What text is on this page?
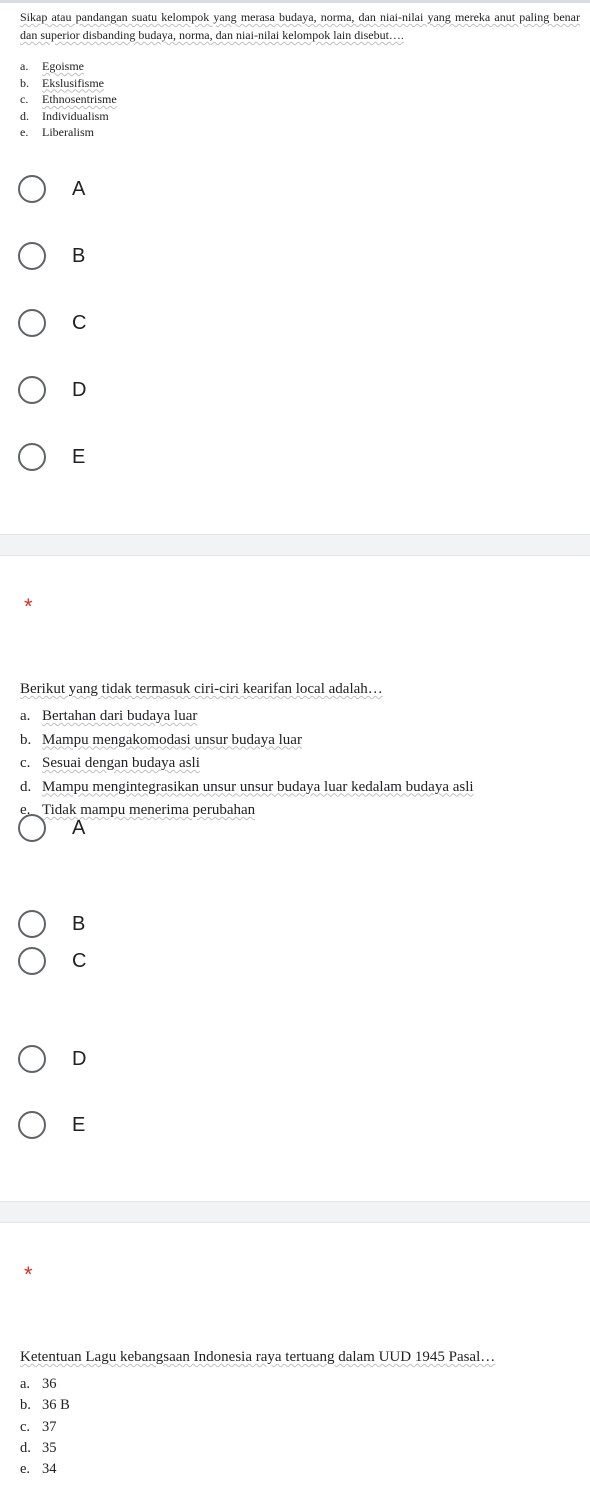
Sikap atau pandangan suatu kelompok yang merasa budaya, norma, dan niai-nilai yang mereka anut paling benar dan superior disbanding budaya, norma, dan niai-nilai kelompok lain disebut….
a.	Egoisme
b.	Ekslusifisme
c.	Ethnosentrisme
d.	Individualism
e.	Liberalism
A
B
C
D
E
*
Berikut yang tidak termasuk ciri-ciri kearifan local adalah…
a. Bertahan dari budaya luar
b. Mampu mengakomodasi unsur budaya luar
c. Sesuai dengan budaya asli
d. Mampu mengintegrasikan unsur unsur budaya luar kedalam budaya asli
e. Tidak mampu menerima perubahan
A
B
C
D
E
*
Ketentuan Lagu kebangsaan Indonesia raya tertuang dalam UUD 1945 Pasal…
a. 36
b. 36 B
c. 37
d. 35
e. 34
